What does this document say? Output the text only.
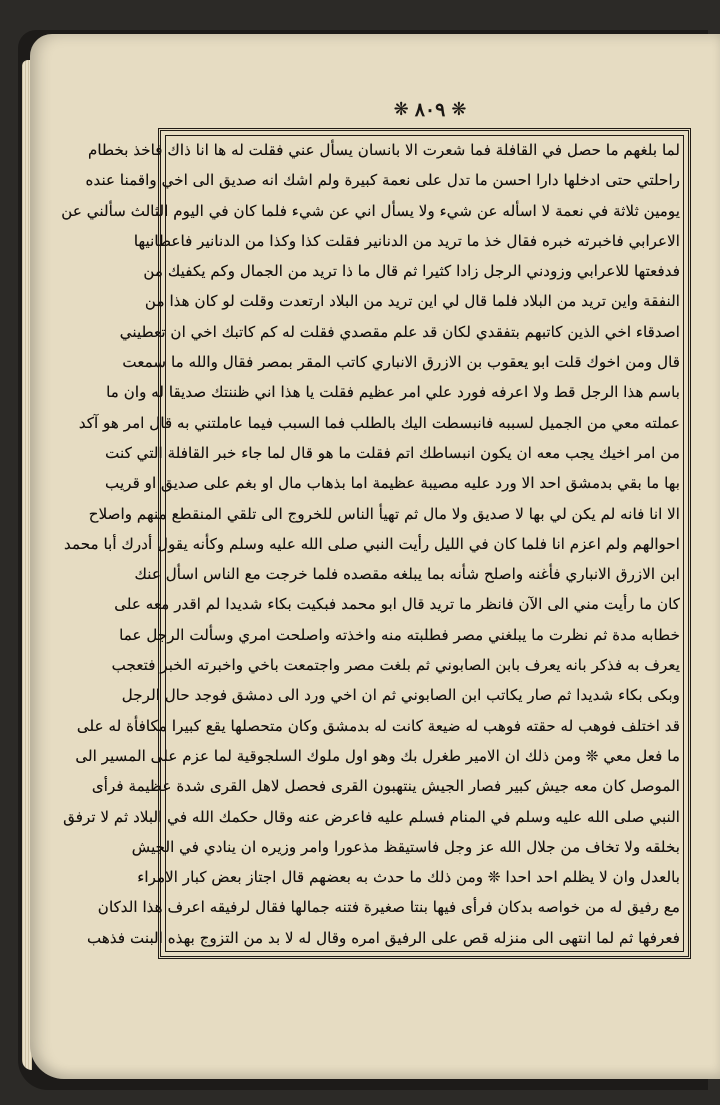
❋ ٨٠٩ ❋
لما بلغهم ما حصل في القافلة فما شعرت الا بانسان يسأل عني فقلت له ها انا ذاك فاخذ بخطام
راحلتي حتى ادخلها دارا احسن ما تدل على نعمة كبيرة ولم اشك انه صديق الى اخي واقمنا عنده
يومين ثلاثة في نعمة لا اسأله عن شيء ولا يسأل اني عن شيء فلما كان في اليوم الثالث سألني عن
الاعرابي فاخبرته خبره فقال خذ ما تريد من الدنانير فقلت كذا وكذا من الدنانير فاعطانيها
فدفعتها للاعرابي وزودني الرجل زادا كثيرا ثم قال ما ذا تريد من الجمال وكم يكفيك من
النفقة واين تريد من البلاد فلما قال لي اين تريد من البلاد ارتعدت وقلت لو كان هذا من
اصدقاء اخي الذين كاتبهم بتفقدي لكان قد علم مقصدي فقلت له كم كاتبك اخي ان تعطيني
قال ومن اخوك قلت ابو يعقوب بن الازرق الانباري كاتب المقر بمصر فقال والله ما سمعت
باسم هذا الرجل قط ولا اعرفه فورد علي امر عظيم فقلت يا هذا اني ظننتك صديقا له وان ما
عملته معي من الجميل لسببه فانبسطت اليك بالطلب فما السبب فيما عاملتني به قال امر هو آكد
من امر اخيك يجب معه ان يكون انبساطك اتم فقلت ما هو قال لما جاء خبر القافلة التي كنت
بها ما بقي بدمشق احد الا ورد عليه مصيبة عظيمة اما بذهاب مال او بغم على صديق او قريب
الا انا فانه لم يكن لي بها لا صديق ولا مال ثم تهيأ الناس للخروج الى تلقي المنقطع منهم واصلاح
احوالهم ولم اعزم انا فلما كان في الليل رأيت النبي صلى الله عليه وسلم وكأنه يقول أدرك أبا محمد
ابن الازرق الانباري فأغنه واصلح شأنه بما يبلغه مقصده فلما خرجت مع الناس اسأل عنك
كان ما رأيت مني الى الآن فانظر ما تريد قال ابو محمد فبكيت بكاء شديدا لم اقدر معه على
خطابه مدة ثم نظرت ما يبلغني مصر فطلبته منه واخذته واصلحت امري وسألت الرجل عما
يعرف به فذكر بانه يعرف بابن الصابوني ثم بلغت مصر واجتمعت باخي واخبرته الخبر فتعجب
وبكى بكاء شديدا ثم صار يكاتب ابن الصابوني ثم ان اخي ورد الى دمشق فوجد حال الرجل
قد اختلف فوهب له حقته فوهب له ضيعة كانت له بدمشق وكان متحصلها يقع كبيرا مكافأة له على
ما فعل معي ❊ ومن ذلك ان الامير طغرل بك وهو اول ملوك السلجوقية لما عزم على المسير الى
الموصل كان معه جيش كبير فصار الجيش ينتهبون القرى فحصل لاهل القرى شدة عظيمة فرأى
النبي صلى الله عليه وسلم في المنام فسلم عليه فاعرض عنه وقال حكمك الله في البلاد ثم لا ترفق
بخلقه ولا تخاف من جلال الله عز وجل فاستيقظ مذعورا وامر وزيره ان ينادي في الجيش
بالعدل وان لا يظلم احد احدا ❊ ومن ذلك ما حدث به بعضهم قال اجتاز بعض كبار الامراء
مع رفيق له من خواصه بدكان فرأى فيها بنتا صغيرة فتنه جمالها فقال لرفيقه اعرف هذا الدكان
فعرفها ثم لما انتهى الى منزله قص على الرفيق امره وقال له لا بد من التزوج بهذه البنت فذهب
